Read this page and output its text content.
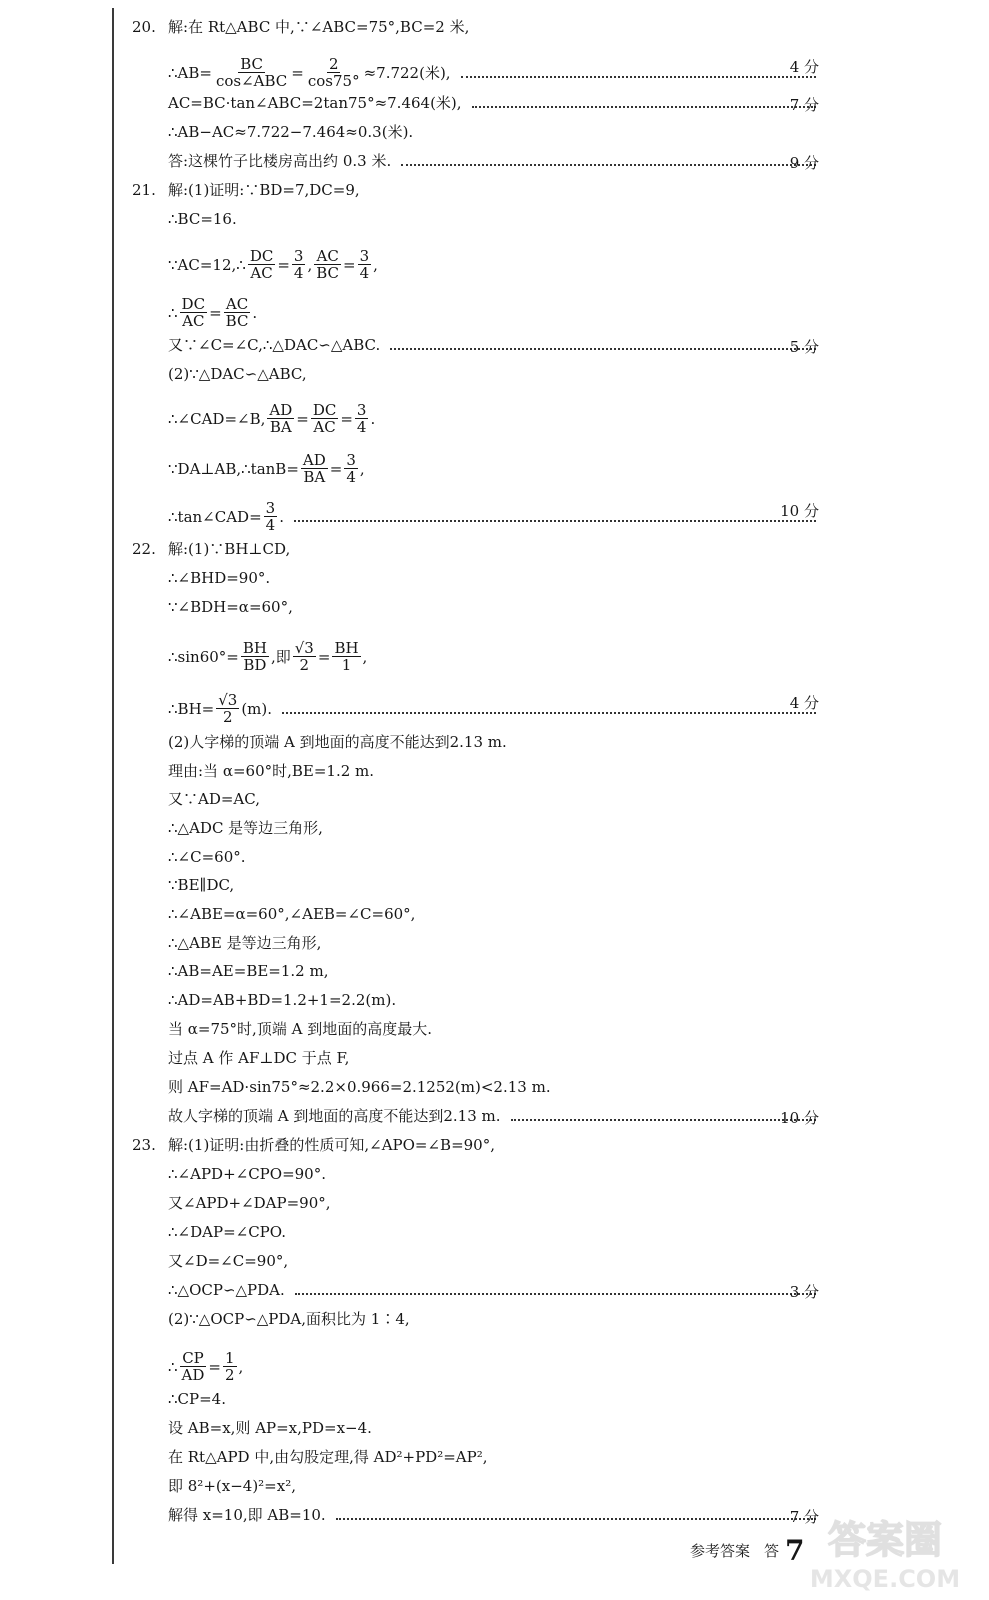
20. 解:在 Rt△ABC 中,∵∠ABC=75°,BC=2 米,
∴AB= $\frac{BC}{\text{cos∠ABC}} = \frac{2}{\cos 75^\circ} \approx 7.722$(米),	4 分
AC=BC·tan∠ABC=2tan75°≈7.464(米),	7 分
∴AB−AC≈7.722−7.464≈0.3(米).
答:这棵竹子比楼房高出约 0.3 米.	9 分
21. 解:(1)证明:∵BD=7,DC=9,
∴BC=16.
∵AC=12,∴ $\frac{DC}{AC} = \frac{3}{4}$ , $\frac{AC}{BC} = \frac{3}{4}$ ,
∴ $\frac{DC}{AC} = \frac{AC}{BC}$ .
又∵∠C=∠C,∴△DAC∽△ABC.	5 分
(2)∵△DAC∽△ABC,
∴∠CAD=∠B, $\frac{AD}{BA} = \frac{DC}{AC} = \frac{3}{4}$ .
∵DA⊥AB,∴tanB= $\frac{AD}{BA} = \frac{3}{4}$ ,
∴tan∠CAD= $\frac{3}{4}$ .	10 分
22. 解:(1)∵BH⊥CD,
∴∠BHD=90°.
∵∠BDH=α=60°,
∴sin60°= $\frac{BH}{BD}$ ,即 $\frac{√3}{2} = \frac{BH}{1}$ ,
∴BH= $\frac{√3}{2} (m)$.	4 分
(2)人字梯的顶端 A 到地面的高度不能达到2.13 m.
理由:当 α=60°时,BE=1.2 m.
又∵AD=AC,
∴△ADC 是等边三角形,
∴∠C=60°.
∵BE∥DC,
∴∠ABE=α=60°,∠AEB=∠C=60°,
∴△ABE 是等边三角形,
∴AB=AE=BE=1.2 m,
∴AD=AB+BD=1.2+1=2.2(m).
当 α=75°时,顶端 A 到地面的高度最大.
过点 A 作 AF⊥DC 于点 F,
则 AF=AD·sin75°≈2.2×0.966=2.1252(m)<2.13 m.
故人字梯的顶端 A 到地面的高度不能达到2.13 m.	10 分
23. 解:(1)证明:由折叠的性质可知,∠APO=∠B=90°,
∴∠APD+∠CPO=90°.
又∠APD+∠DAP=90°,
∴∠DAP=∠CPO.
又∠D=∠C=90°,
∴△OCP∽△PDA.	3 分
(2)∵△OCP∽△PDA,面积比为 1∶4,
∴ $\frac{CP}{AD} = \frac{1}{2}$ ,
∴CP=4.
设 AB=x,则 AP=x,PD=x−4.
在 Rt△APD 中,由勾股定理,得 AD²+PD²=AP²,
即 8²+(x−4)²=x²,
解得 x=10,即 AB=10.	7 分
参考答案 答 7 答案圈
MXQE.COM
